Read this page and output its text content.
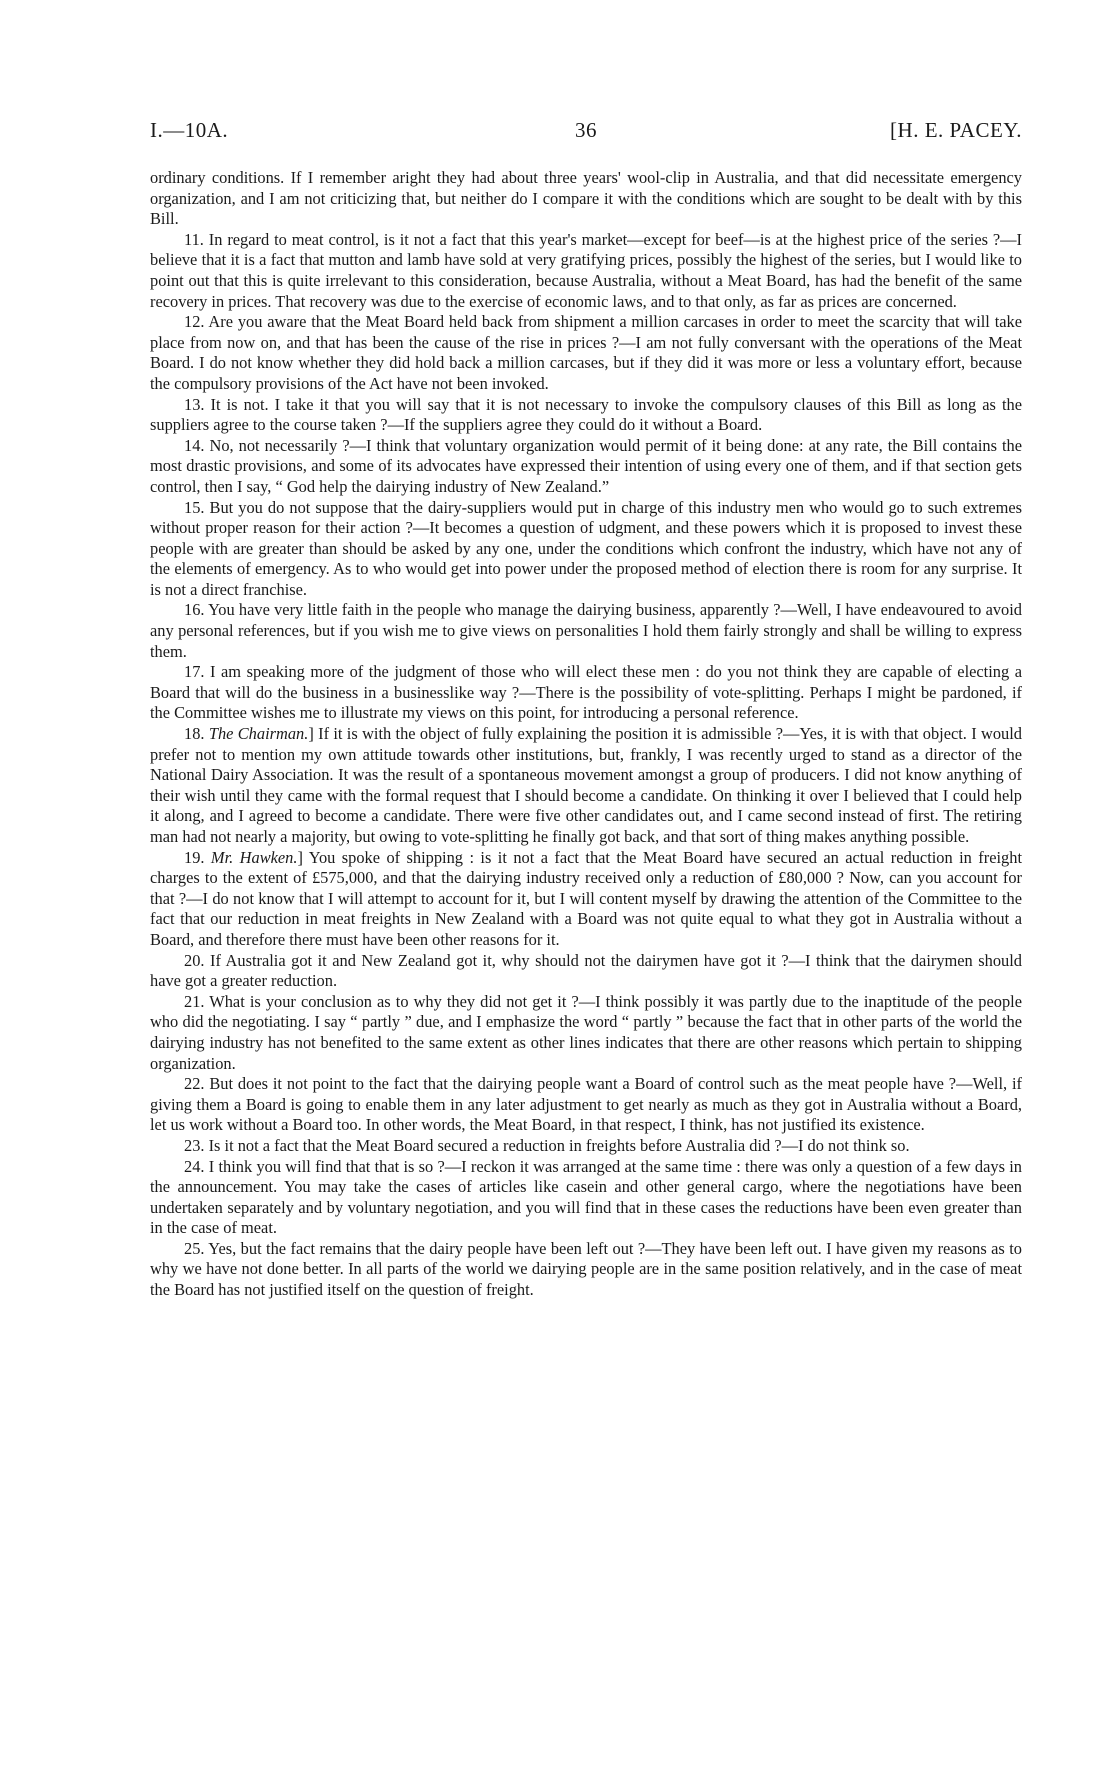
I.—10A.	36	[H. E. PACEY.

ordinary conditions. If I remember aright they had about three years' wool-clip in Australia, and that did necessitate emergency organization, and I am not criticizing that, but neither do I compare it with the conditions which are sought to be dealt with by this Bill.

11. In regard to meat control, is it not a fact that this year's market—except for beef—is at the highest price of the series ?—I believe that it is a fact that mutton and lamb have sold at very gratifying prices, possibly the highest of the series, but I would like to point out that this is quite irrelevant to this consideration, because Australia, without a Meat Board, has had the benefit of the same recovery in prices. That recovery was due to the exercise of economic laws, and to that only, as far as prices are concerned.

12. Are you aware that the Meat Board held back from shipment a million carcases in order to meet the scarcity that will take place from now on, and that has been the cause of the rise in prices ?—I am not fully conversant with the operations of the Meat Board. I do not know whether they did hold back a million carcases, but if they did it was more or less a voluntary effort, because the compulsory provisions of the Act have not been invoked.

13. It is not. I take it that you will say that it is not necessary to invoke the compulsory clauses of this Bill as long as the suppliers agree to the course taken ?—If the suppliers agree they could do it without a Board.

14. No, not necessarily ?—I think that voluntary organization would permit of it being done: at any rate, the Bill contains the most drastic provisions, and some of its advocates have expressed their intention of using every one of them, and if that section gets control, then I say, “ God help the dairying industry of New Zealand.”

15. But you do not suppose that the dairy-suppliers would put in charge of this industry men who would go to such extremes without proper reason for their action ?—It becomes a question of udgment, and these powers which it is proposed to invest these people with are greater than should be asked by any one, under the conditions which confront the industry, which have not any of the elements of emergency. As to who would get into power under the proposed method of election there is room for any surprise. It is not a direct franchise.

16. You have very little faith in the people who manage the dairying business, apparently ?—Well, I have endeavoured to avoid any personal references, but if you wish me to give views on personalities I hold them fairly strongly and shall be willing to express them.

17. I am speaking more of the judgment of those who will elect these men : do you not think they are capable of electing a Board that will do the business in a businesslike way ?—There is the possibility of vote-splitting. Perhaps I might be pardoned, if the Committee wishes me to illustrate my views on this point, for introducing a personal reference.

18. The Chairman.] If it is with the object of fully explaining the position it is admissible ?—Yes, it is with that object. I would prefer not to mention my own attitude towards other institutions, but, frankly, I was recently urged to stand as a director of the National Dairy Association. It was the result of a spontaneous movement amongst a group of producers. I did not know anything of their wish until they came with the formal request that I should become a candidate. On thinking it over I believed that I could help it along, and I agreed to become a candidate. There were five other candidates out, and I came second instead of first. The retiring man had not nearly a majority, but owing to vote-splitting he finally got back, and that sort of thing makes anything possible.

19. Mr. Hawken.] You spoke of shipping : is it not a fact that the Meat Board have secured an actual reduction in freight charges to the extent of £575,000, and that the dairying industry received only a reduction of £80,000 ? Now, can you account for that ?—I do not know that I will attempt to account for it, but I will content myself by drawing the attention of the Committee to the fact that our reduction in meat freights in New Zealand with a Board was not quite equal to what they got in Australia without a Board, and therefore there must have been other reasons for it.

20. If Australia got it and New Zealand got it, why should not the dairymen have got it ?—I think that the dairymen should have got a greater reduction.

21. What is your conclusion as to why they did not get it ?—I think possibly it was partly due to the inaptitude of the people who did the negotiating. I say “ partly ” due, and I emphasize the word “ partly ” because the fact that in other parts of the world the dairying industry has not benefited to the same extent as other lines indicates that there are other reasons which pertain to shipping organization.

22. But does it not point to the fact that the dairying people want a Board of control such as the meat people have ?—Well, if giving them a Board is going to enable them in any later adjustment to get nearly as much as they got in Australia without a Board, let us work without a Board too. In other words, the Meat Board, in that respect, I think, has not justified its existence.

23. Is it not a fact that the Meat Board secured a reduction in freights before Australia did ?—I do not think so.

24. I think you will find that that is so ?—I reckon it was arranged at the same time : there was only a question of a few days in the announcement. You may take the cases of articles like casein and other general cargo, where the negotiations have been undertaken separately and by voluntary negotiation, and you will find that in these cases the reductions have been even greater than in the case of meat.

25. Yes, but the fact remains that the dairy people have been left out ?—They have been left out. I have given my reasons as to why we have not done better. In all parts of the world we dairying people are in the same position relatively, and in the case of meat the Board has not justified itself on the question of freight.
